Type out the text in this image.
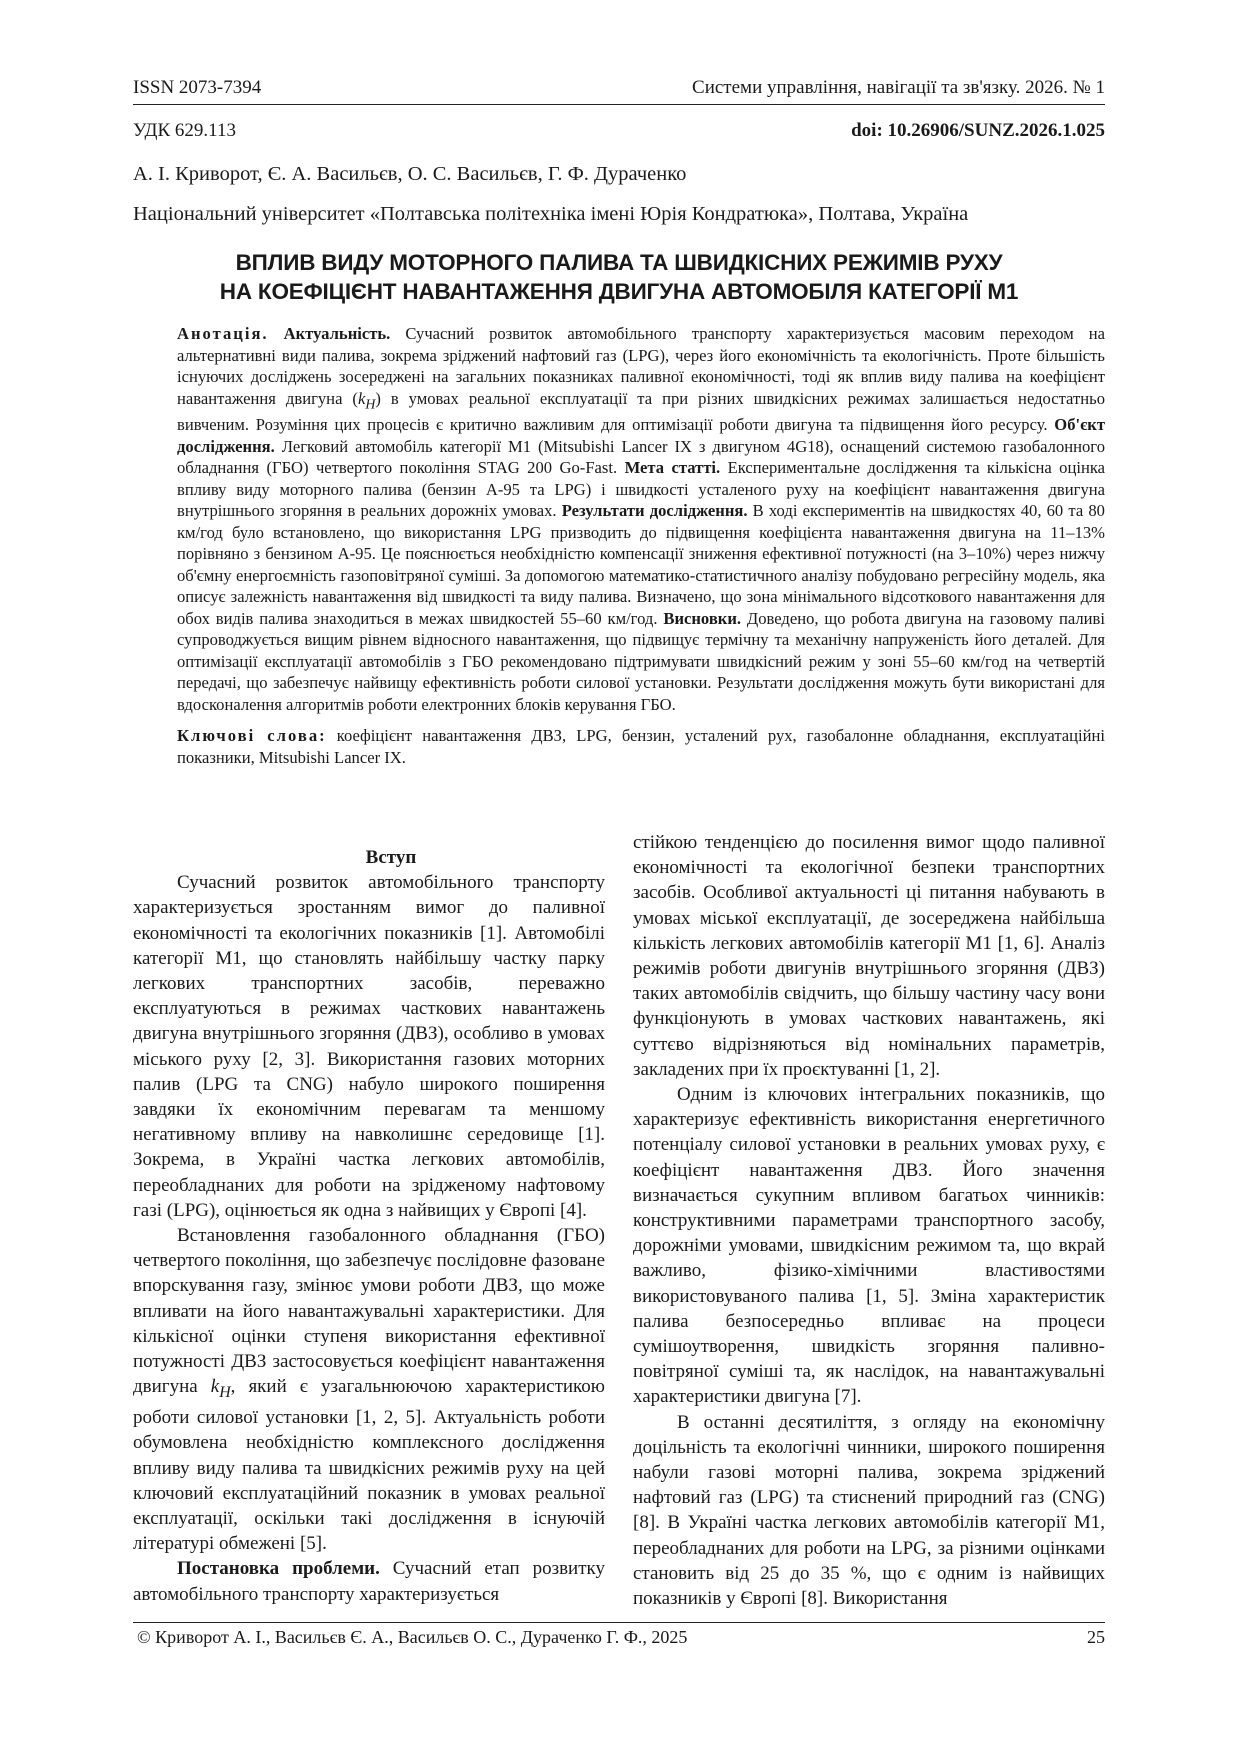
ISSN 2073-7394	Системи управління, навігації та зв'язку. 2026. № 1
УДК 629.113	doi: 10.26906/SUNZ.2026.1.025
А. І. Криворот, Є. А. Васильєв, О. С. Васильєв, Г. Ф. Дураченко
Національний університет «Полтавська політехніка імені Юрія Кондратюка», Полтава, Україна
ВПЛИВ ВИДУ МОТОРНОГО ПАЛИВА ТА ШВИДКІСНИХ РЕЖИМІВ РУХУ
НА КОЕФІЦІЄНТ НАВАНТАЖЕННЯ ДВИГУНА АВТОМОБІЛЯ КАТЕГОРІЇ М1
Анотація. Актуальність. Сучасний розвиток автомобільного транспорту характеризується масовим переходом на альтернативні види палива, зокрема зріджений нафтовий газ (LPG), через його економічність та екологічність. Проте більшість існуючих досліджень зосереджені на загальних показниках паливної економічності, тоді як вплив виду палива на коефіцієнт навантаження двигуна $(k_H)$ в умовах реальної експлуатації та при різних швидкісних режимах залишається недостатньо вивченим. Розуміння цих процесів є критично важливим для оптимізації роботи двигуна та підвищення його ресурсу. Об'єкт дослідження. Легковий автомобіль категорії М1 (Mitsubishi Lancer IX з двигуном 4G18), оснащений системою газобалонного обладнання (ГБО) четвертого покоління STAG 200 Go-Fast. Мета статті. Експериментальне дослідження та кількісна оцінка впливу виду моторного палива (бензин А-95 та LPG) і швидкості усталеного руху на коефіцієнт навантаження двигуна внутрішнього згоряння в реальних дорожніх умовах. Результати дослідження. В ході експериментів на швидкостях 40, 60 та 80 км/год було встановлено, що використання LPG призводить до підвищення коефіцієнта навантаження двигуна на 11–13% порівняно з бензином А-95. Це пояснюється необхідністю компенсації зниження ефективної потужності (на 3–10%) через нижчу об'ємну енергоємність газоповітряної суміші. За допомогою математико-статистичного аналізу побудовано регресійну модель, яка описує залежність навантаження від швидкості та виду палива. Визначено, що зона мінімального відсоткового навантаження для обох видів палива знаходиться в межах швидкостей 55–60 км/год. Висновки. Доведено, що робота двигуна на газовому паливі супроводжується вищим рівнем відносного навантаження, що підвищує термічну та механічну напруженість його деталей. Для оптимізації експлуатації автомобілів з ГБО рекомендовано підтримувати швидкісний режим у зоні 55–60 км/год на четвертій передачі, що забезпечує найвищу ефективність роботи силової установки. Результати дослідження можуть бути використані для вдосконалення алгоритмів роботи електронних блоків керування ГБО.
Ключові слова: коефіцієнт навантаження ДВЗ, LPG, бензин, усталений рух, газобалонне обладнання, експлуатаційні показники, Mitsubishi Lancer IX.

Вступ

Сучасний розвиток автомобільного транспорту характеризується зростанням вимог до паливної економічності та екологічних показників [1]. Автомобілі категорії М1, що становлять найбільшу частку парку легкових транспортних засобів, переважно експлуатуються в режимах часткових навантажень двигуна внутрішнього згоряння (ДВЗ), особливо в умовах міського руху [2, 3]. Використання газових моторних палив (LPG та CNG) набуло широкого поширення завдяки їх економічним перевагам та меншому негативному впливу на навколишнє середовище [1]. Зокрема, в Україні частка легкових автомобілів, переобладнаних для роботи на зрідженому нафтовому газі (LPG), оцінюється як одна з найвищих у Європі [4].

Встановлення газобалонного обладнання (ГБО) четвертого покоління, що забезпечує послідовне фазоване впорскування газу, змінює умови роботи ДВЗ, що може впливати на його навантажувальні характеристики. Для кількісної оцінки ступеня використання ефективної потужності ДВЗ застосовується коефіцієнт навантаження двигуна $k_H$, який є узагальнюючою характеристикою роботи силової установки [1, 2, 5]. Актуальність роботи обумовлена необхідністю комплексного дослідження впливу виду палива та швидкісних режимів руху на цей ключовий експлуатаційний показник в умовах реальної експлуатації, оскільки такі дослідження в існуючій літературі обмежені [5].

Постановка проблеми. Сучасний етап розвитку автомобільного транспорту характеризується

стійкою тенденцією до посилення вимог щодо паливної економічності та екологічної безпеки транспортних засобів. Особливої актуальності ці питання набувають в умовах міської експлуатації, де зосереджена найбільша кількість легкових автомобілів категорії М1 [1, 6]. Аналіз режимів роботи двигунів внутрішнього згоряння (ДВЗ) таких автомобілів свідчить, що більшу частину часу вони функціонують в умовах часткових навантажень, які суттєво відрізняються від номінальних параметрів, закладених при їх проєктуванні [1, 2].

Одним із ключових інтегральних показників, що характеризує ефективність використання енергетичного потенціалу силової установки в реальних умовах руху, є коефіцієнт навантаження ДВЗ. Його значення визначається сукупним впливом багатьох чинників: конструктивними параметрами транспортного засобу, дорожніми умовами, швидкісним режимом та, що вкрай важливо, фізико-хімічними властивостями використовуваного палива [1, 5]. Зміна характеристик палива безпосередньо впливає на процеси сумішоутворення, швидкість згоряння паливно-повітряної суміші та, як наслідок, на навантажувальні характеристики двигуна [7].

В останні десятиліття, з огляду на економічну доцільність та екологічні чинники, широкого поширення набули газові моторні палива, зокрема зріджений нафтовий газ (LPG) та стиснений природний газ (CNG) [8]. В Україні частка легкових автомобілів категорії М1, переобладнаних для роботи на LPG, за різними оцінками становить від 25 до 35 %, що є одним із найвищих показників у Європі [8]. Використання

© Криворот А. І., Васильєв Є. А., Васильєв О. С., Дураченко Г. Ф., 2025	25
